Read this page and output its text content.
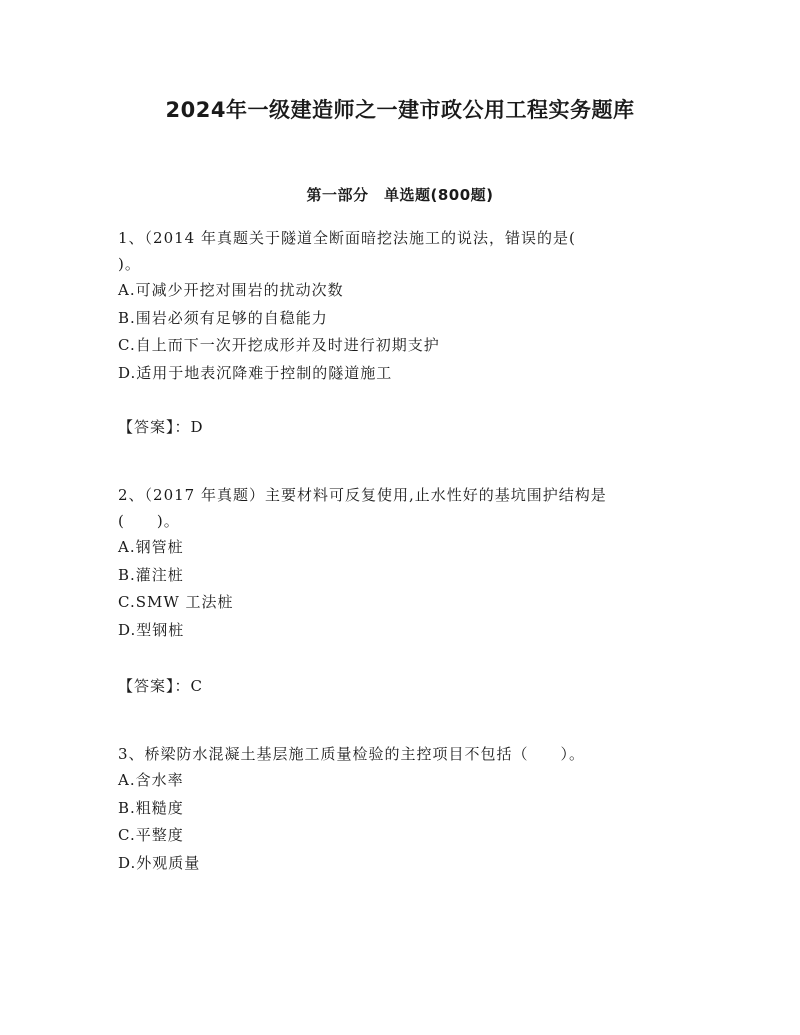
2024年一级建造师之一建市政公用工程实务题库
第一部分　单选题(800题)

1、（2014 年真题关于隧道全断面暗挖法施工的说法，错误的是(

)。

A.可减少开挖对围岩的扰动次数

B.围岩必须有足够的自稳能力

C.自上而下一次开挖成形并及时进行初期支护

D.适用于地表沉降难于控制的隧道施工

【答案】：D

2、（2017 年真题）主要材料可反复使用,止水性好的基坑围护结构是

(　　)。

A.钢管桩

B.灌注桩

C.SMW 工法桩

D.型钢桩

【答案】：C

3、桥梁防水混凝土基层施工质量检验的主控项目不包括（　　）。

A.含水率

B.粗糙度

C.平整度

D.外观质量
